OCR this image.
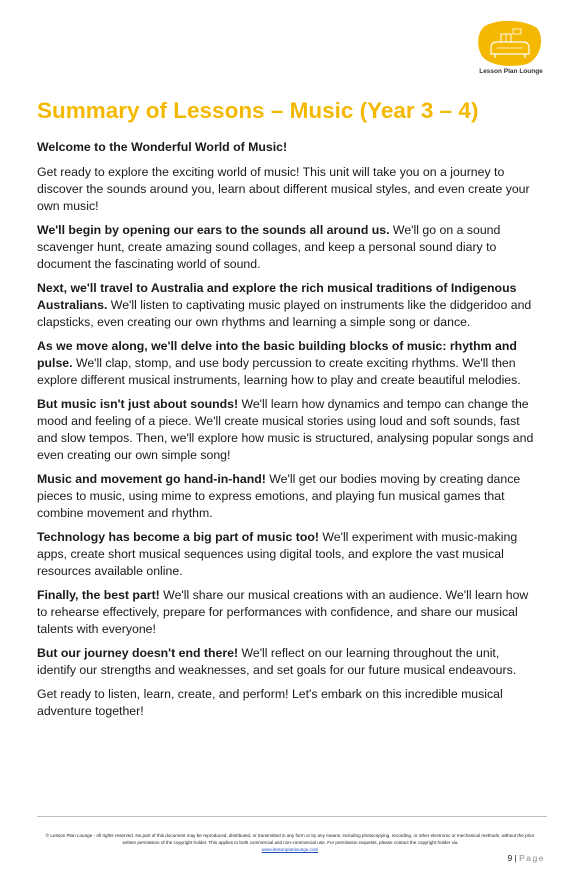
Lesson Plan Lounge
Summary of Lessons – Music (Year 3 – 4)

Welcome to the Wonderful World of Music!

Get ready to explore the exciting world of music! This unit will take you on a journey to discover the sounds around you, learn about different musical styles, and even create your own music!

We'll begin by opening our ears to the sounds all around us. We'll go on a sound scavenger hunt, create amazing sound collages, and keep a personal sound diary to document the fascinating world of sound.

Next, we'll travel to Australia and explore the rich musical traditions of Indigenous Australians. We'll listen to captivating music played on instruments like the didgeridoo and clapsticks, even creating our own rhythms and learning a simple song or dance.

As we move along, we'll delve into the basic building blocks of music: rhythm and pulse. We'll clap, stomp, and use body percussion to create exciting rhythms. We'll then explore different musical instruments, learning how to play and create beautiful melodies.

But music isn't just about sounds! We'll learn how dynamics and tempo can change the mood and feeling of a piece. We'll create musical stories using loud and soft sounds, fast and slow tempos. Then, we'll explore how music is structured, analysing popular songs and even creating our own simple song!

Music and movement go hand-in-hand! We'll get our bodies moving by creating dance pieces to music, using mime to express emotions, and playing fun musical games that combine movement and rhythm.

Technology has become a big part of music too! We'll experiment with music-making apps, create short musical sequences using digital tools, and explore the vast musical resources available online.

Finally, the best part! We'll share our musical creations with an audience. We'll learn how to rehearse effectively, prepare for performances with confidence, and share our musical talents with everyone!

But our journey doesn't end there! We'll reflect on our learning throughout the unit, identify our strengths and weaknesses, and set goals for our future musical endeavours.

Get ready to listen, learn, create, and perform! Let's embark on this incredible musical adventure together!

© Lesson Plan Lounge - All rights reserved. No part of this document may be reproduced, distributed, or transmitted in any form or by any means, including photocopying, recording, or other electronic or mechanical methods, without the prior written permission of the copyright holder. This applies to both commercial and non-commercial use. For permission requests, please contact the copyright holder via
www.lessonplanlounge.com
9 | Page
